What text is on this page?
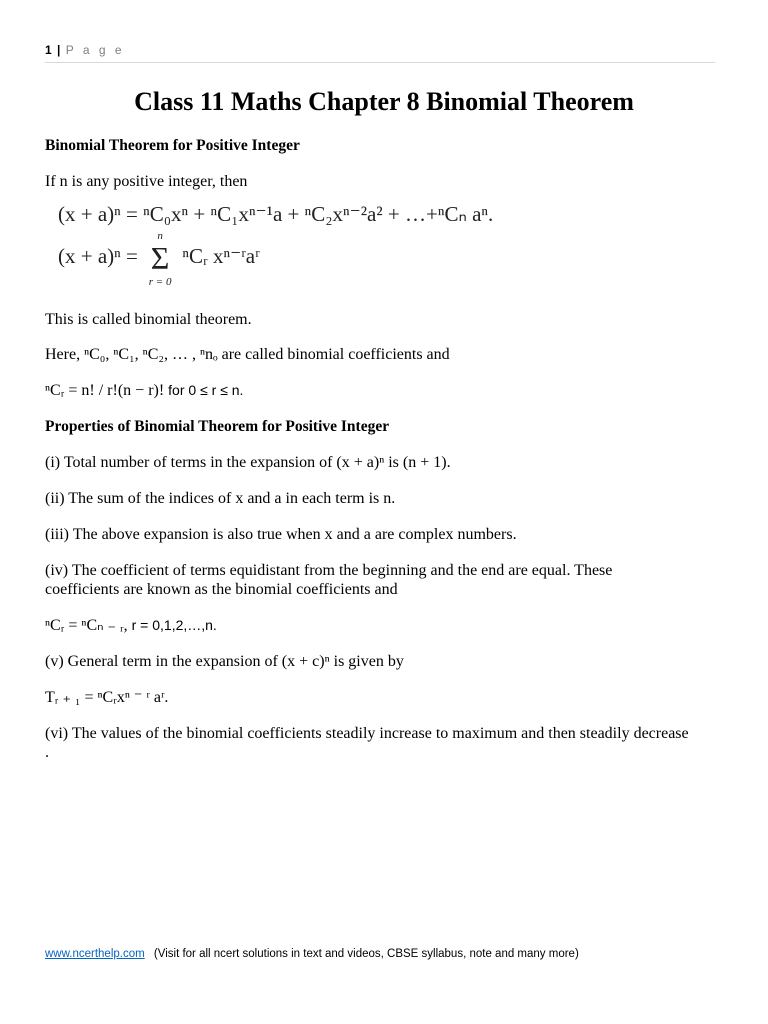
1 | P a g e
Class 11 Maths Chapter 8 Binomial Theorem

Binomial Theorem for Positive Integer

If n is any positive integer, then

(x + a)ⁿ = ⁿC₀xⁿ + ⁿC₁xⁿ⁻¹a + ⁿC₂xⁿ⁻²a² + …+ⁿCₙ aⁿ.
(x + a)ⁿ =
n
Σ
r = 0
ⁿCᵣ xⁿ⁻ʳaʳ

This is called binomial theorem.

Here, ⁿC₀, ⁿC₁, ⁿC₂, … , ⁿnₒ are called binomial coefficients and

ⁿCᵣ = n! / r!(n − r)! for 0 ≤ r ≤ n.

Properties of Binomial Theorem for Positive Integer

(i) Total number of terms in the expansion of (x + a)ⁿ is (n + 1).

(ii) The sum of the indices of x and a in each term is n.

(iii) The above expansion is also true when x and a are complex numbers.

(iv) The coefficient of terms equidistant from the beginning and the end are equal. These coefficients are known as the binomial coefficients and

ⁿCᵣ = ⁿCₙ ₋ ᵣ, r = 0,1,2,…,n.

(v) General term in the expansion of (x + c)ⁿ is given by

Tᵣ ₊ ₁ = ⁿCᵣxⁿ ⁻ ʳ aʳ.

(vi) The values of the binomial coefficients steadily increase to maximum and then steadily decrease .

www.ncerthelp.com (Visit for all ncert solutions in text and videos, CBSE syllabus, note and many more)
